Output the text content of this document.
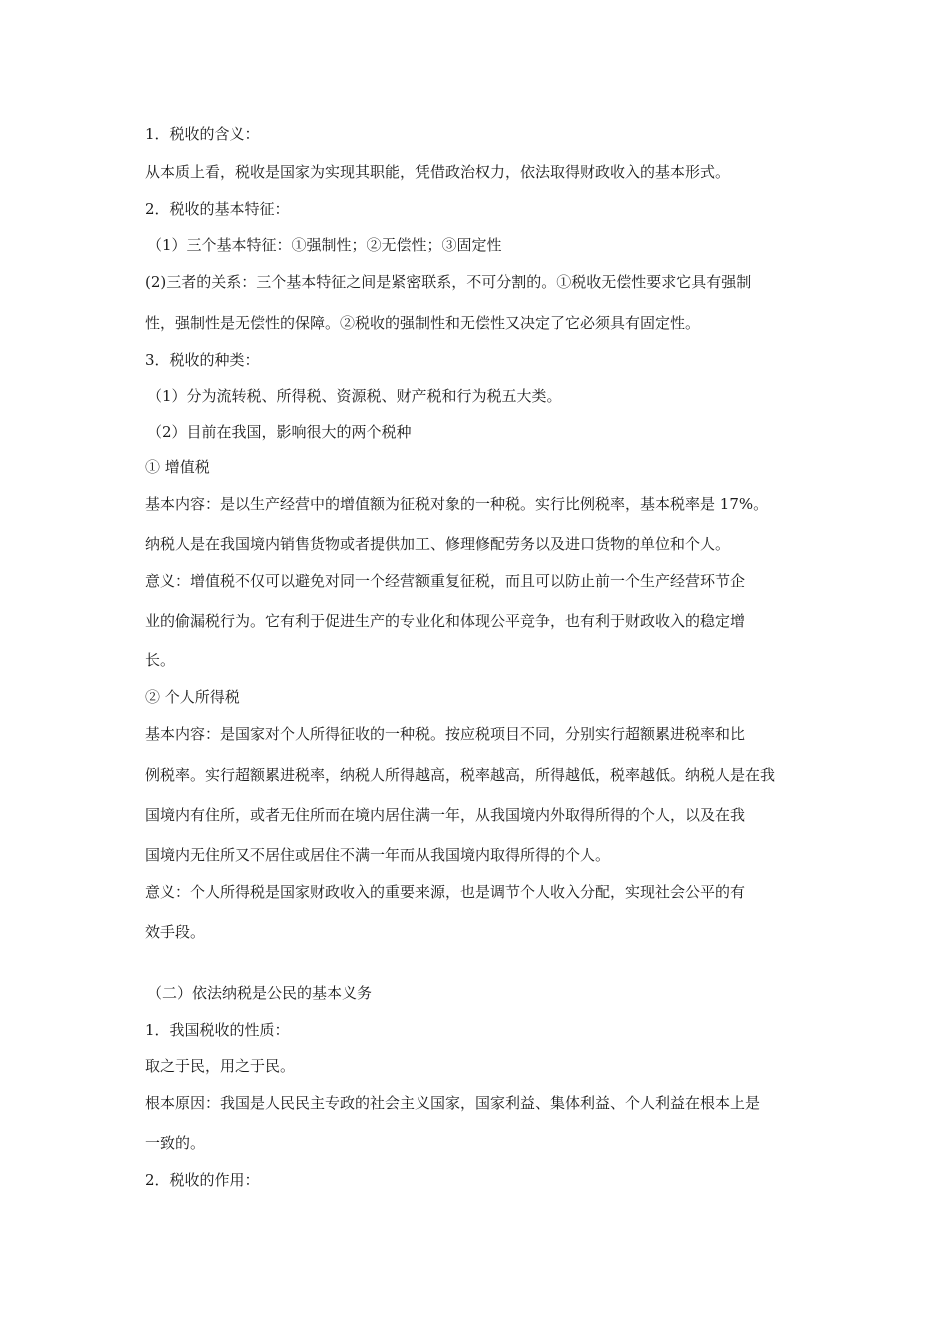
1．税收的含义：
从本质上看，税收是国家为实现其职能，凭借政治权力，依法取得财政收入的基本形式。
2．税收的基本特征：
（1）三个基本特征：①强制性；②无偿性；③固定性
(2)三者的关系：三个基本特征之间是紧密联系，不可分割的。①税收无偿性要求它具有强制
性，强制性是无偿性的保障。②税收的强制性和无偿性又决定了它必须具有固定性。
3．税收的种类：
（1）分为流转税、所得税、资源税、财产税和行为税五大类。
（2）目前在我国，影响很大的两个税种
① 增值税
基本内容：是以生产经营中的增值额为征税对象的一种税。实行比例税率，基本税率是 17%。
纳税人是在我国境内销售货物或者提供加工、修理修配劳务以及进口货物的单位和个人。
意义：增值税不仅可以避免对同一个经营额重复征税，而且可以防止前一个生产经营环节企
业的偷漏税行为。它有利于促进生产的专业化和体现公平竞争，也有利于财政收入的稳定增
长。
② 个人所得税
基本内容：是国家对个人所得征收的一种税。按应税项目不同，分别实行超额累进税率和比
例税率。实行超额累进税率，纳税人所得越高，税率越高，所得越低，税率越低。纳税人是在我
国境内有住所，或者无住所而在境内居住满一年，从我国境内外取得所得的个人，以及在我
国境内无住所又不居住或居住不满一年而从我国境内取得所得的个人。
意义：个人所得税是国家财政收入的重要来源，也是调节个人收入分配，实现社会公平的有
效手段。
（二）依法纳税是公民的基本义务
1．我国税收的性质：
取之于民，用之于民。
根本原因：我国是人民民主专政的社会主义国家，国家利益、集体利益、个人利益在根本上是
一致的。
2．税收的作用：
